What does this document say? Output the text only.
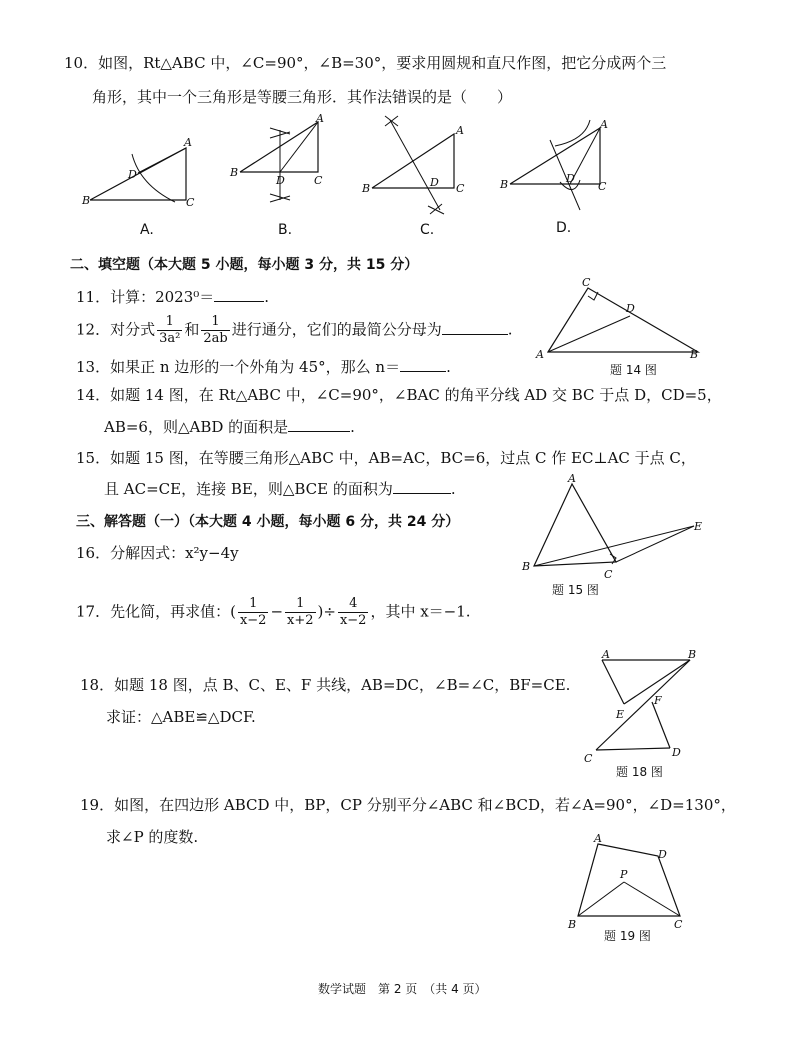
10．如图，Rt△ABC 中，∠C=90°，∠B=30°，要求用圆规和直尺作图，把它分成两个三
角形，其中一个三角形是等腰三角形．其作法错误的是（　　）
A
B	C
D
A
B
C
D
A
B	C
D
A
B	C
D
A.	B.	C.	D.
二、填空题（本大题 5 小题，每小题 3 分，共 15 分）
11．计算：2023⁰＝	.
12．对分式 $\frac{1}{\text{3a²}}$ 和 $\frac{1}{2ab}$ 进行通分，它们的最简公分母为	.
13．如果正 n 边形的一个外角为 45°，那么 n＝	.
C
D
A	B
题 14 图
14．如题 14 图，在 Rt△ABC 中，∠C=90°，∠BAC 的角平分线 AD 交 BC 于点 D，CD=5，
AB=6，则△ABD 的面积是	.
15．如题 15 图，在等腰三角形△ABC 中，AB=AC，BC=6，过点 C 作 EC⊥AC 于点 C，
且 AC=CE，连接 BE，则△BCE 的面积为	.
A
B
C
E
题 15 图
三、解答题（一）（本大题 4 小题，每小题 6 分，共 24 分）
16．分解因式：x²y−4y
17．先化简，再求值：( $\frac{1}{x-2} - \frac{1}{x+2}$ )÷ $\frac{4}{x-2}$ ，其中 x＝−1.
18．如题 18 图，点 B、C、E、F 共线，AB=DC，∠B=∠C，BF=CE.
求证：△ABE≌△DCF.
A	B
C	D
E
F
题 18 图
19．如图，在四边形 ABCD 中，BP，CP 分别平分∠ABC 和∠BCD，若∠A=90°，∠D=130°，
求∠P 的度数.	A
D
P
B	C
题 19 图
数学试题　第 2 页　（共 4 页）
